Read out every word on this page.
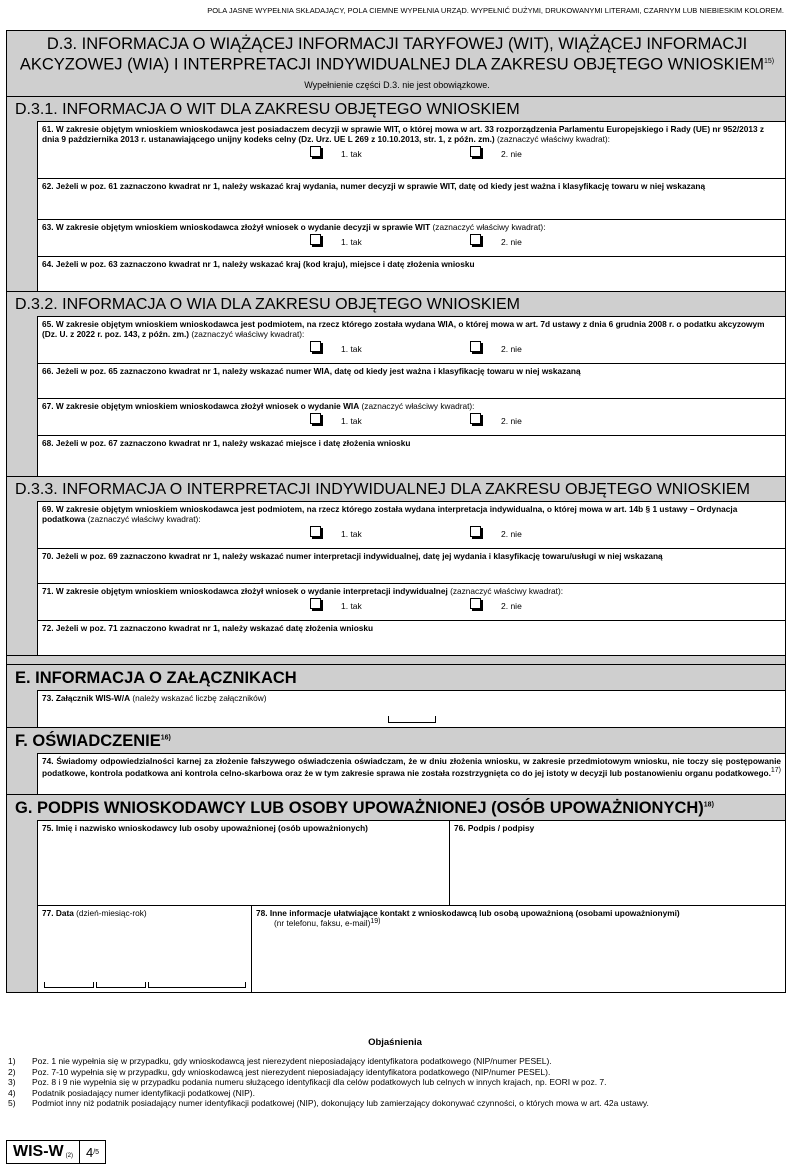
POLA JASNE WYPEŁNIA SKŁADAJĄCY, POLA CIEMNE WYPEŁNIA URZĄD. WYPEŁNIĆ DUŻYMI, DRUKOWANYMI LITERAMI, CZARNYM LUB NIEBIESKIM KOLOREM.
D.3. INFORMACJA O WIĄŻĄCEJ INFORMACJI TARYFOWEJ (WIT), WIĄŻĄCEJ INFORMACJI AKCYZOWEJ (WIA) I INTERPRETACJI INDYWIDUALNEJ DLA ZAKRESU OBJĘTEGO WNIOSKIEM$^{15)}$ Wypełnienie części D.3. nie jest obowiązkowe.
D.3.1. INFORMACJA O WIT DLA ZAKRESU OBJĘTEGO WNIOSKIEM
61. W zakresie objętym wnioskiem wnioskodawca jest posiadaczem decyzji w sprawie WIT, o której mowa w art. 33 rozporządzenia Parlamentu Europejskiego i Rady (UE) nr 952/2013 z dnia 9 października 2013 r. ustanawiającego unijny kodeks celny (Dz. Urz. UE L 269 z 10.10.2013, str. 1, z późn. zm.) (zaznaczyć właściwy kwadrat):
1. tak	2. nie
62. Jeżeli w poz. 61 zaznaczono kwadrat nr 1, należy wskazać kraj wydania, numer decyzji w sprawie WIT, datę od kiedy jest ważna i klasyfikację towaru w niej wskazaną
63. W zakresie objętym wnioskiem wnioskodawca złożył wniosek o wydanie decyzji w sprawie WIT (zaznaczyć właściwy kwadrat):
1. tak	2. nie
64. Jeżeli w poz. 63 zaznaczono kwadrat nr 1, należy wskazać kraj (kod kraju), miejsce i datę złożenia wniosku
D.3.2. INFORMACJA O WIA DLA ZAKRESU OBJĘTEGO WNIOSKIEM
65. W zakresie objętym wnioskiem wnioskodawca jest podmiotem, na rzecz którego została wydana WIA, o której mowa w art. 7d ustawy z dnia 6 grudnia 2008 r. o podatku akcyzowym (Dz. U. z 2022 r. poz. 143, z późn. zm.) (zaznaczyć właściwy kwadrat):
1. tak	2. nie
66. Jeżeli w poz. 65 zaznaczono kwadrat nr 1, należy wskazać numer WIA, datę od kiedy jest ważna i klasyfikację towaru w niej wskazaną
67. W zakresie objętym wnioskiem wnioskodawca złożył wniosek o wydanie WIA (zaznaczyć właściwy kwadrat):
1. tak	2. nie
68. Jeżeli w poz. 67 zaznaczono kwadrat nr 1, należy wskazać miejsce i datę złożenia wniosku
D.3.3. INFORMACJA O INTERPRETACJI INDYWIDUALNEJ DLA ZAKRESU OBJĘTEGO WNIOSKIEM
69. W zakresie objętym wnioskiem wnioskodawca jest podmiotem, na rzecz którego została wydana interpretacja indywidualna, o której mowa w art. 14b § 1 ustawy – Ordynacja podatkowa (zaznaczyć właściwy kwadrat):
1. tak	2. nie
70. Jeżeli w poz. 69 zaznaczono kwadrat nr 1, należy wskazać numer interpretacji indywidualnej, datę jej wydania i klasyfikację towaru/usługi w niej wskazaną
71. W zakresie objętym wnioskiem wnioskodawca złożył wniosek o wydanie interpretacji indywidualnej (zaznaczyć właściwy kwadrat):
1. tak	2. nie
72. Jeżeli w poz. 71 zaznaczono kwadrat nr 1, należy wskazać datę złożenia wniosku
E. INFORMACJA O ZAŁĄCZNIKACH
73. Załącznik WIS-W/A (należy wskazać liczbę załączników)
F. OŚWIADCZENIE$^{16)}$
74. Świadomy odpowiedzialności karnej za złożenie fałszywego oświadczenia oświadczam, że w dniu złożenia wniosku, w zakresie przedmiotowym wniosku, nie toczy się postępowanie podatkowe, kontrola podatkowa ani kontrola celno-skarbowa oraz że w tym zakresie sprawa nie została rozstrzygnięta co do jej istoty w decyzji lub postanowieniu organu podatkowego.$^{17)}$
G. PODPIS WNIOSKODAWCY LUB OSOBY UPOWAŻNIONEJ (OSÓB UPOWAŻNIONYCH)$^{18)}$
75. Imię i nazwisko wnioskodawcy lub osoby upoważnionej (osób upoważnionych)	76. Podpis / podpisy
77. Data (dzień-miesiąc-rok)	78. Inne informacje ułatwiające kontakt z wnioskodawcą lub osobą upoważnioną (osobami upoważnionymi)
(nr telefonu, faksu, e-mail)$^{19)}$
Objaśnienia
1)	Poz. 1 nie wypełnia się w przypadku, gdy wnioskodawcą jest nierezydent nieposiadający identyfikatora podatkowego (NIP/numer PESEL).
2)	Poz. 7-10 wypełnia się w przypadku, gdy wnioskodawcą jest nierezydent nieposiadający identyfikatora podatkowego (NIP/numer PESEL).
3)	Poz. 8 i 9 nie wypełnia się w przypadku podania numeru służącego identyfikacji dla celów podatkowych lub celnych w innych krajach, np. EORI w poz. 7.
4)	Podatnik posiadający numer identyfikacji podatkowej (NIP).
5)	Podmiot inny niż podatnik posiadający numer identyfikacji podatkowej (NIP), dokonujący lub zamierzający dokonywać czynności, o których mowa w art. 42a ustawy.
WIS-W (2) 4 /5
